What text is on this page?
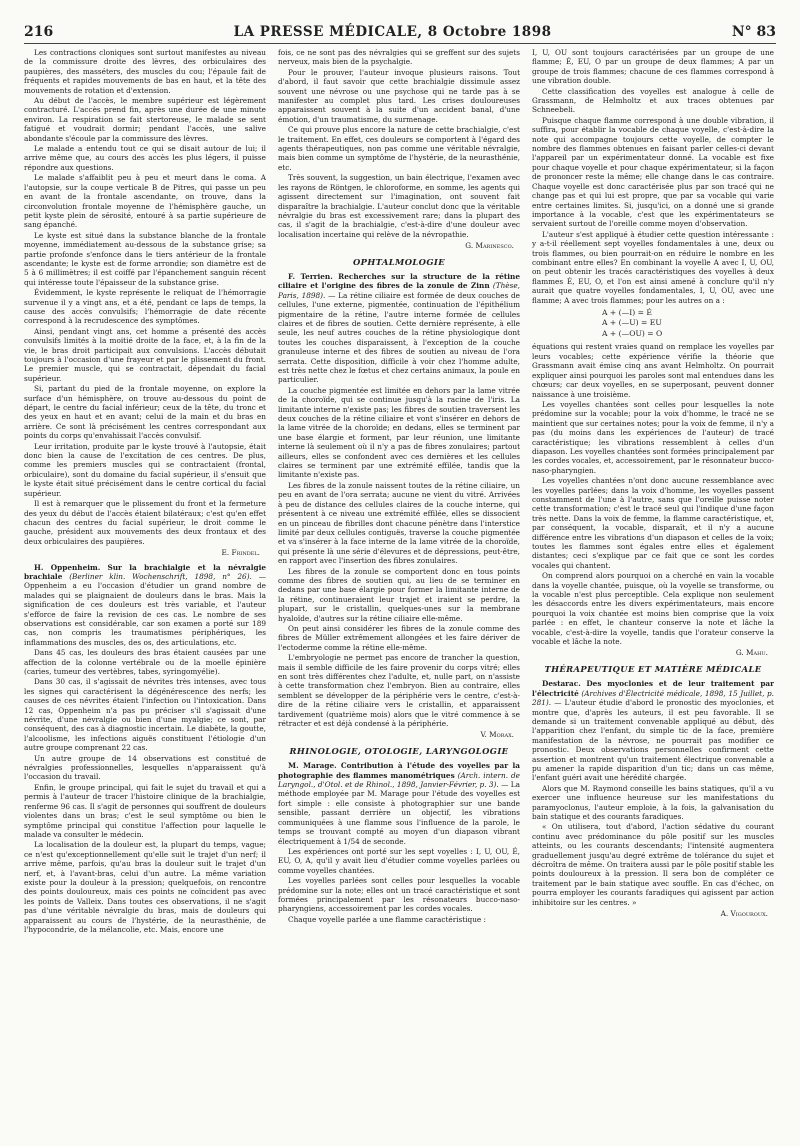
216	LA PRESSE MÉDICALE, 8 Octobre 1898	N° 83

Les contractions cloniques sont surtout manifestes au niveau de la commissure droite des lèvres, des orbiculaires des paupières, des masséters, des muscles du cou; l'épaule fait de fréquents et rapides mouvements de bas en haut, et la tête des mouvements de rotation et d'extension.

Au début de l'accès, le membre supérieur est légèrement contracturé. L'accès prend fin, après une durée de une minute environ. La respiration se fait stertoreuse, le malade se sent fatigué et voudrait dormir; pendant l'accès, une salive abondante s'écoule par la commissure des lèvres.

Le malade a entendu tout ce qui se disait autour de lui; il arrive même que, au cours des accès les plus légers, il puisse répondre aux questions.

Le malade s'affaiblit peu à peu et meurt dans le coma. A l'autopsie, sur la coupe verticale B de Pitres, qui passe un peu en avant de la frontale ascendante, on trouve, dans la circonvolution frontale moyenne de l'hémisphère gauche, un petit kyste plein de sérosité, entouré à sa partie supérieure de sang épanché.

Le kyste est situé dans la substance blanche de la frontale moyenne, immédiatement au-dessous de la substance grise; sa partie profonde s'enfonce dans le tiers antérieur de la frontale ascendante; le kyste est de forme arrondie; son diamètre est de 5 à 6 millimètres; il est coiffé par l'épanchement sanguin récent qui intéresse toute l'épaisseur de la substance grise.

Évidemment, le kyste représente le reliquat de l'hémorragie survenue il y a vingt ans, et a été, pendant ce laps de temps, la cause des accès convulsifs; l'hémorragie de date récente correspond à la recrudescence des symptômes.

Ainsi, pendant vingt ans, cet homme a présenté des accès convulsifs limités à la moitié droite de la face, et, à la fin de la vie, le bras droit participait aux convulsions. L'accès débutait toujours à l'occasion d'une frayeur et par le plissement du front. Le premier muscle, qui se contractait, dépendait du facial supérieur.

Si, partant du pied de la frontale moyenne, on explore la surface d'un hémisphère, on trouve au-dessous du point de départ, le centre du facial inférieur; ceux de la tête, du tronc et des yeux en haut et en avant; celui de la main et du bras en arrière. Ce sont là précisément les centres correspondant aux points du corps qu'envahissait l'accès convulsif.

Leur irritation, produite par le kyste trouvé à l'autopsie, était donc bien la cause de l'excitation de ces centres. De plus, comme les premiers muscles qui se contractaient (frontal, orbiculaire), sont du domaine du facial supérieur, il s'ensuit que le kyste était situé précisément dans le centre cortical du facial supérieur.

Il est à remarquer que le plissement du front et la fermeture des yeux du début de l'accès étaient bilatéraux; c'est qu'en effet chacun des centres du facial supérieur, le droit comme le gauche, président aux mouvements des deux frontaux et des deux orbiculaires des paupières.

E. Frindel.

H. Oppenheim. Sur la brachialgie et la névralgie brachiale (Berliner klin. Wochenschrift, 1898, n° 26). — Oppenheim a eu l'occasion d'étudier un grand nombre de malades qui se plaignaient de douleurs dans le bras. Mais la signification de ces douleurs est très variable, et l'auteur s'efforce de faire la revision de ces cas. Le nombre de ses observations est considérable, car son examen a porté sur 189 cas, non compris les traumatismes périphériques, les inflammations des muscles, des os, des articulations, etc.

Dans 45 cas, les douleurs des bras étaient causées par une affection de la colonne vertébrale ou de la moelle épinière (caries, tumeur des vertèbres, tabes, syringomyélie).

Dans 30 cas, il s'agissait de névrites très intenses, avec tous les signes qui caractérisent la dégénérescence des nerfs; les causes de ces névrites étaient l'infection ou l'intoxication. Dans 12 cas, Oppenheim n'a pas pu préciser s'il s'agissait d'une névrite, d'une névralgie ou bien d'une myalgie; ce sont, par conséquent, des cas à diagnostic incertain. Le diabète, la goutte, l'alcoolisme, les infections aiguës constituent l'étiologie d'un autre groupe comprenant 22 cas.

Un autre groupe de 14 observations est constitué de névralgies professionnelles, lesquelles n'apparaissent qu'à l'occasion du travail.

Enfin, le groupe principal, qui fait le sujet du travail et qui a permis à l'auteur de tracer l'histoire clinique de la brachialgie, renferme 96 cas. Il s'agit de personnes qui souffrent de douleurs violentes dans un bras; c'est le seul symptôme ou bien le symptôme principal qui constitue l'affection pour laquelle le malade va consulter le médecin.

La localisation de la douleur est, la plupart du temps, vague; ce n'est qu'exceptionnellement qu'elle suit le trajet d'un nerf; il arrive même, parfois, qu'au bras la douleur suit le trajet d'un nerf, et, à l'avant-bras, celui d'un autre. La même variation existe pour la douleur à la pression; quelquefois, on rencontre des points douloureux, mais ces points ne coïncident pas avec les points de Valleix. Dans toutes ces observations, il ne s'agit pas d'une véritable névralgie du bras, mais de douleurs qui apparaissent au cours de l'hystérie, de la neurasthénie, de l'hypocondrie, de la mélancolie, etc. Mais, encore une

fois, ce ne sont pas des névralgies qui se greffent sur des sujets nerveux, mais bien de la psychalgie.

Pour le prouver, l'auteur invoque plusieurs raisons. Tout d'abord, il faut savoir que cette brachialgie dissimule assez souvent une névrose ou une psychose qui ne tarde pas à se manifester au complet plus tard. Les crises douloureuses apparaissent souvent à la suite d'un accident banal, d'une émotion, d'un traumatisme, du surmenage.

Ce qui prouve plus encore la nature de cette brachialgie, c'est le traitement. En effet, ces douleurs se comportent à l'égard des agents thérapeutiques, non pas comme une véritable névralgie, mais bien comme un symptôme de l'hystérie, de la neurasthénie, etc.

Très souvent, la suggestion, un bain électrique, l'examen avec les rayons de Röntgen, le chloroforme, en somme, les agents qui agissent directement sur l'imagination, ont souvent fait disparaître la brachialgie. L'auteur conclut donc que la véritable névralgie du bras est excessivement rare; dans la plupart des cas, il s'agit de la brachialgie, c'est-à-dire d'une douleur avec localisation incertaine qui relève de la névropathie.

G. Marinesco.
OPHTALMOLOGIE

F. Terrien. Recherches sur la structure de la rétine ciliaire et l'origine des fibres de la zonule de Zinn (Thèse, Paris, 1898). — La rétine ciliaire est formée de deux couches de cellules, l'une externe, pigmentée, continuation de l'épithélium pigmentaire de la rétine, l'autre interne formée de cellules claires et de fibres de soutien. Cette dernière représente, à elle seule, les neuf autres couches de la rétine physiologique dont toutes les couches disparaissent, à l'exception de la couche granuleuse interne et des fibres de soutien au niveau de l'ora serrata. Cette disposition, difficile à voir chez l'homme adulte, est très nette chez le fœtus et chez certains animaux, la poule en particulier.

La couche pigmentée est limitée en dehors par la lame vitrée de la choroïde, qui se continue jusqu'à la racine de l'iris. La limitante interne n'existe pas; les fibres de soutien traversent les deux couches de la rétine ciliaire et vont s'insérer en dehors de la lame vitrée de la choroïde; en dedans, elles se terminent par une base élargie et forment, par leur réunion, une limitante interne là seulement où il n'y a pas de fibres zonulaires; partout ailleurs, elles se confondent avec ces dernières et les cellules claires se terminent par une extrémité effilée, tandis que la limitante n'existe pas.

Les fibres de la zonule naissent toutes de la rétine ciliaire, un peu en avant de l'ora serrata; aucune ne vient du vitré. Arrivées à peu de distance des cellules claires de la couche interne, qui présentent à ce niveau une extrémité effilée, elles se dissocient en un pinceau de fibrilles dont chacune pénètre dans l'interstice limité par deux cellules contiguës, traverse la couche pigmentée et va s'insérer à la face interne de la lame vitrée de la choroïde, qui présente là une série d'élevures et de dépressions, peut-être, en rapport avec l'insertion des fibres zonulaires.

Les fibres de la zonule se comportent donc en tous points comme des fibres de soutien qui, au lieu de se terminer en dedans par une base élargie pour former la limitante interne de la rétine, continueraient leur trajet et iraient se perdre, la plupart, sur le cristallin, quelques-unes sur la membrane hyaloïde, d'autres sur la rétine ciliaire elle-même.

On peut ainsi considérer les fibres de la zonule comme des fibres de Müller extrêmement allongées et les faire dériver de l'ectoderme comme la rétine elle-même.

L'embryologie ne permet pas encore de trancher la question, mais il semble difficile de les faire provenir du corps vitré; elles en sont très différentes chez l'adulte, et, nulle part, on n'assiste à cette transformation chez l'embryon. Bien au contraire, elles semblent se développer de la périphérie vers le centre, c'est-à-dire de la rétine ciliaire vers le cristallin, et apparaissent tardivement (quatrième mois) alors que le vitré commence à se rétracter et est déjà condensé à la périphérie.

V. Morax.
RHINOLOGIE, OTOLOGIE, LARYNGOLOGIE

M. Marage. Contribution à l'étude des voyelles par la photographie des flammes manométriques (Arch. intern. de Laryngol., d'Otol. et de Rhinol., 1898, Janvier-Février, p. 3). — La méthode employée par M. Marage pour l'étude des voyelles est fort simple : elle consiste à photographier sur une bande sensible, passant derrière un objectif, les vibrations communiquées à une flamme sous l'influence de la parole, le temps se trouvant compté au moyen d'un diapason vibrant électriquement à 1/54 de seconde.

Les expériences ont porté sur les sept voyelles : I, U, OU, É, EU, O, A, qu'il y avait lieu d'étudier comme voyelles parlées ou comme voyelles chantées.

Les voyelles parlées sont celles pour lesquelles la vocable prédomine sur la note; elles ont un tracé caractéristique et sont formées principalement par les résonateurs bucco-naso-pharyngiens, accessoirement par les cordes vocales.

Chaque voyelle parlée a une flamme caractéristique :

I, U, OU sont toujours caractérisées par un groupe de une flamme; É, EU, O par un groupe de deux flammes; A par un groupe de trois flammes; chacune de ces flammes correspond à une vibration double.

Cette classification des voyelles est analogue à celle de Grassmann, de Helmholtz et aux traces obtenues par Schneebeli.

Puisque chaque flamme correspond à une double vibration, il suffira, pour établir la vocable de chaque voyelle, c'est-à-dire la note qui accompagne toujours cette voyelle, de compter le nombre des flammes obtenues en faisant parler celles-ci devant l'appareil par un expérimentateur donné. La vocable est fixe pour chaque voyelle et pour chaque expérimentateur, si la façon de prononcer reste la même; elle change dans le cas contraire. Chaque voyelle est donc caractérisée plus par son tracé qui ne change pas et qui lui est propre, que par sa vocable qui varie entre certaines limites. Si, jusqu'ici, on a donné une si grande importance à la vocable, c'est que les expérimentateurs se servaient surtout de l'oreille comme moyen d'observation.

L'auteur s'est appliqué à étudier cette question intéressante : y a-t-il réellement sept voyelles fondamentales à une, deux ou trois flammes, ou bien pourrait-on en réduire le nombre en les combinant entre elles? En combinant la voyelle A avec I, U, OU, on peut obtenir les tracés caractéristiques des voyelles à deux flammes É, EU, O, et l'on est ainsi amené à conclure qu'il n'y aurait que quatre voyelles fondamentales, I, U, OU, avec une flamme; A avec trois flammes; pour les autres on a :

A + (—I) = É
A + (—U) = EU
A + (—OU) = O

équations qui restent vraies quand on remplace les voyelles par leurs vocables; cette expérience vérifie la théorie que Grassmann avait émise cinq ans avant Helmholtz. On pourrait expliquer ainsi pourquoi les paroles sont mal entendues dans les chœurs; car deux voyelles, en se superposant, peuvent donner naissance à une troisième.

Les voyelles chantées sont celles pour lesquelles la note prédomine sur la vocable; pour la voix d'homme, le tracé ne se maintient que sur certaines notes; pour la voix de femme, il n'y a pas (du moins dans les expériences de l'auteur) de tracé caractéristique; les vibrations ressemblent à celles d'un diapason. Les voyelles chantées sont formées principalement par les cordes vocales, et, accessoirement, par le résonnateur bucco-naso-pharyngien.

Les voyelles chantées n'ont donc aucune ressemblance avec les voyelles parlées; dans la voix d'homme, les voyelles passent constamment de l'une à l'autre, sans que l'oreille puisse noter cette transformation; c'est le tracé seul qui l'indique d'une façon très nette. Dans la voix de femme, la flamme caractéristique, et, par conséquent, la vocable, disparaît, et il n'y a aucune différence entre les vibrations d'un diapason et celles de la voix; toutes les flammes sont égales entre elles et également distantes; ceci s'explique par ce fait que ce sont les cordes vocales qui chantent.

On comprend alors pourquoi on a cherché en vain la vocable dans la voyelle chantée, puisque, où la voyelle se transforme, ou la vocable n'est plus perceptible. Cela explique non seulement les désaccords entre les divers expérimentateurs, mais encore pourquoi la voix chantée est moins bien comprise que la voix parlée : en effet, le chanteur conserve la note et lâche la vocable, c'est-à-dire la voyelle, tandis que l'orateur conserve la vocable et lâche la note.

G. Mahu.
THÉRAPEUTIQUE ET MATIÈRE MÉDICALE

Destarac. Des myoclonies et de leur traitement par l'électricité (Archives d'Électricité médicale, 1898, 15 Juillet, p. 281). — L'auteur étudie d'abord le pronostic des myoclonies, et montre que, d'après les auteurs, il est peu favorable. Il se demande si un traitement convenable appliqué au début, dès l'apparition chez l'enfant, du simple tic de la face, première manifestation de la névrose, ne pourrait pas modifier ce pronostic. Deux observations personnelles confirment cette assertion et montrent qu'un traitement électrique convenable a pu amener la rapide disparition d'un tic; dans un cas même, l'enfant guéri avait une hérédité chargée.

Alors que M. Raymond conseille les bains statiques, qu'il a vu exercer une influence heureuse sur les manifestations du paramyoclonus, l'auteur emploie, à la fois, la galvanisation du bain statique et des courants faradiques.

« On utilisera, tout d'abord, l'action sédative du courant continu avec prédominance du pôle positif sur les muscles atteints, ou les courants descendants; l'intensité augmentera graduellement jusqu'au degré extrême de tolérance du sujet et décroîtra de même. On traitera aussi par le pôle positif stable les points douloureux à la pression. Il sera bon de compléter ce traitement par le bain statique avec souffle. En cas d'échec, on pourra employer les courants faradiques qui agissent par action inhibitoire sur les centres. »

A. Vigouroux.
